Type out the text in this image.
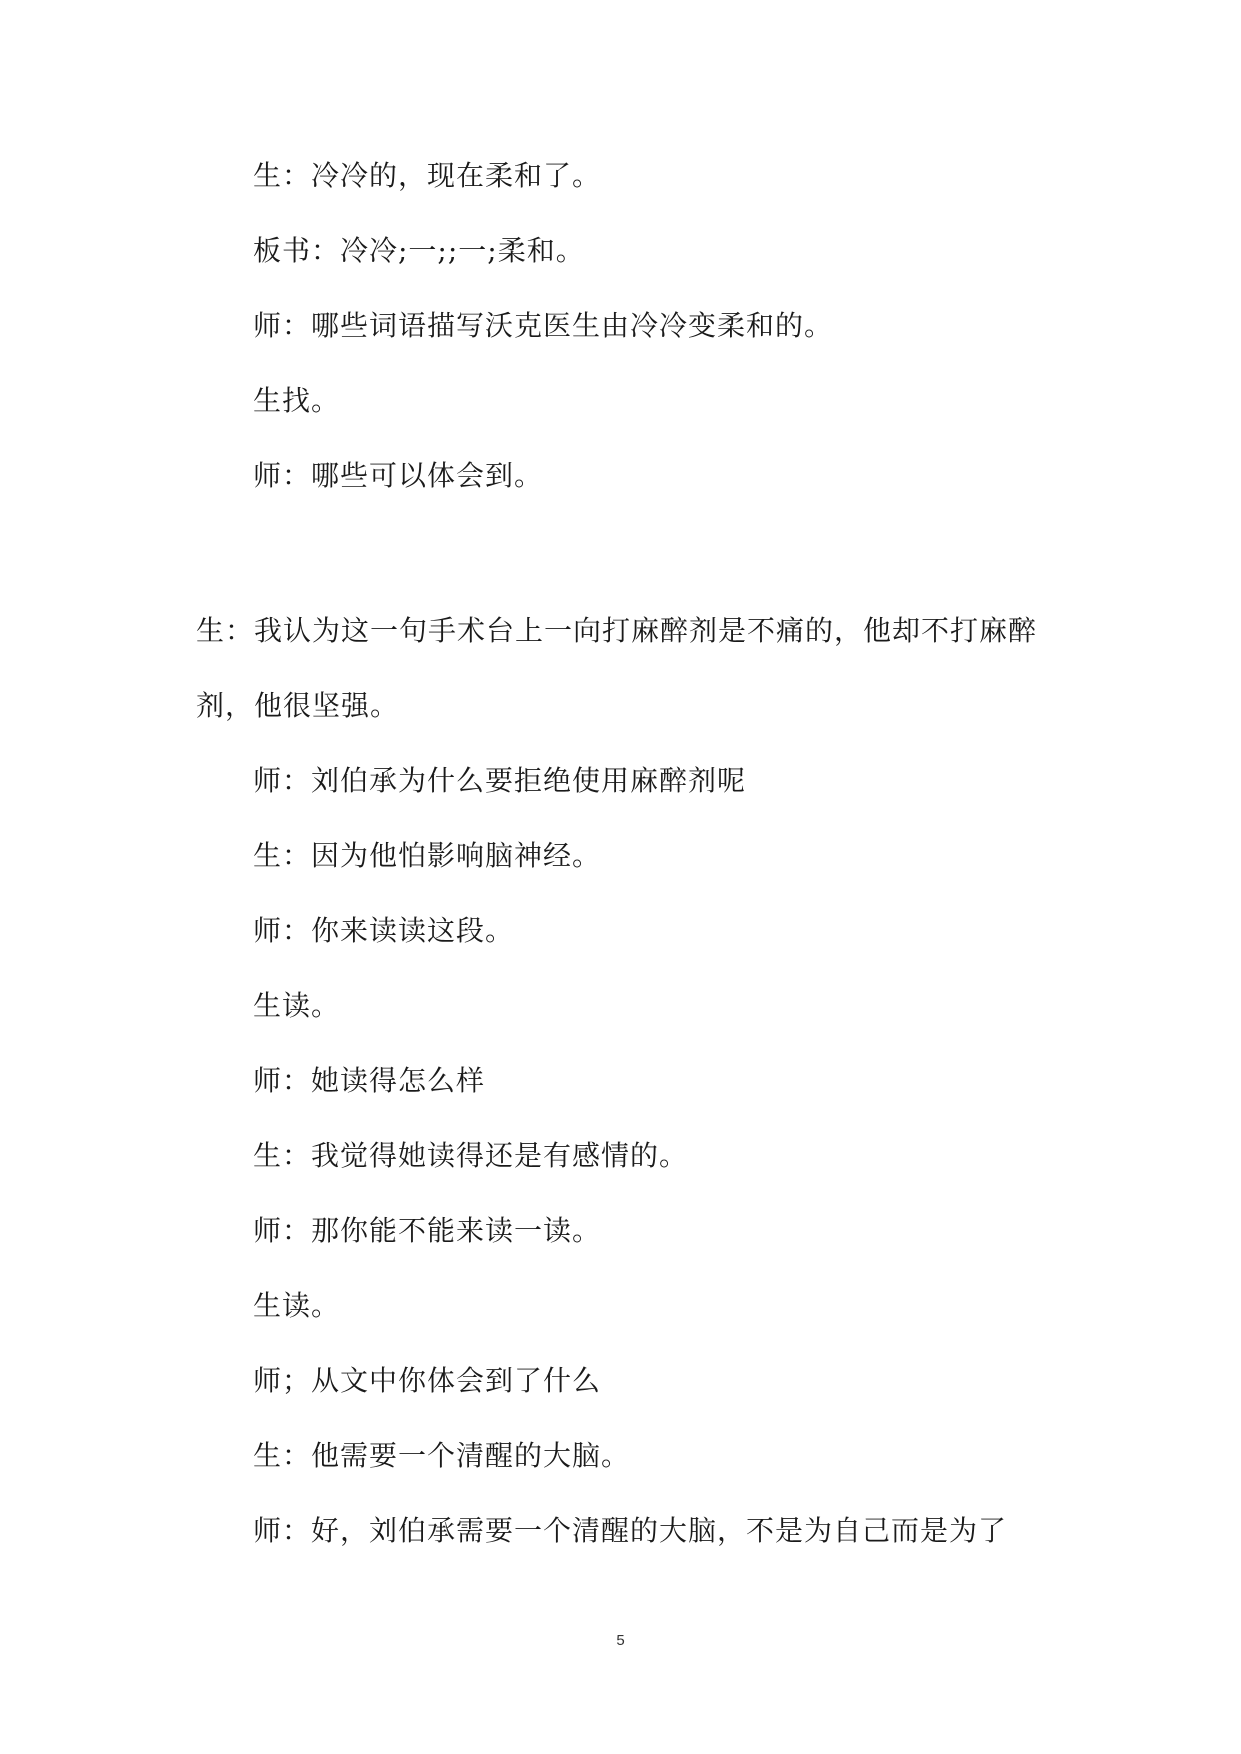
生：冷冷的，现在柔和了。
板书：冷冷;一;;一;柔和。
师：哪些词语描写沃克医生由冷冷变柔和的。
生找。
师：哪些可以体会到。
生：我认为这一句手术台上一向打麻醉剂是不痛的，他却不打麻醉
剂，他很坚强。
师：刘伯承为什么要拒绝使用麻醉剂呢
生：因为他怕影响脑神经。
师：你来读读这段。
生读。
师：她读得怎么样
生：我觉得她读得还是有感情的。
师：那你能不能来读一读。
生读。
师；从文中你体会到了什么
生：他需要一个清醒的大脑。
师：好，刘伯承需要一个清醒的大脑，不是为自己而是为了
5
